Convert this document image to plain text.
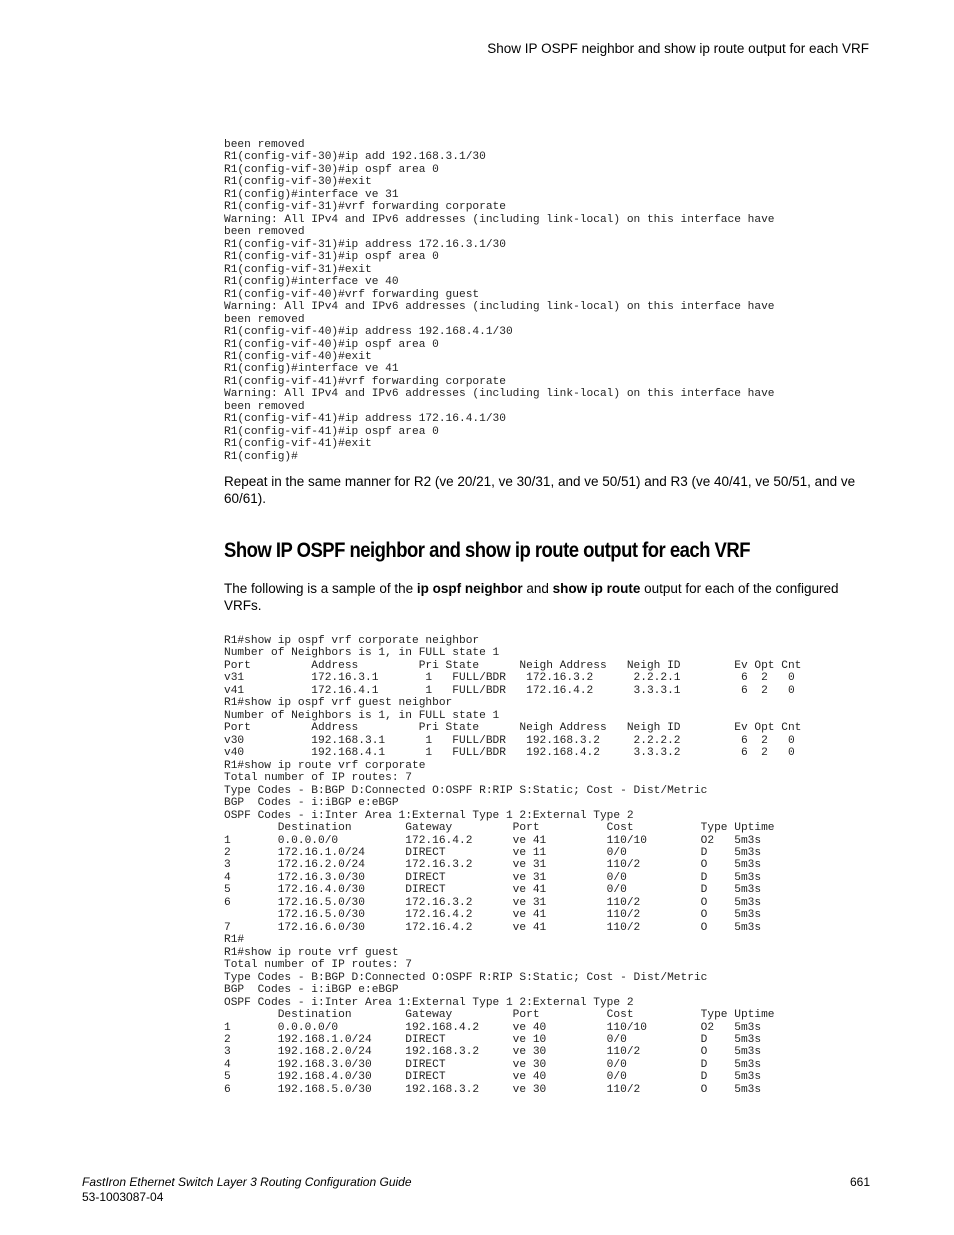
Show IP OSPF neighbor and show ip route output for each VRF
been removed
R1(config-vif-30)#ip add 192.168.3.1/30
R1(config-vif-30)#ip ospf area 0
R1(config-vif-30)#exit
R1(config)#interface ve 31
R1(config-vif-31)#vrf forwarding corporate
Warning: All IPv4 and IPv6 addresses (including link-local) on this interface have
been removed
R1(config-vif-31)#ip address 172.16.3.1/30
R1(config-vif-31)#ip ospf area 0
R1(config-vif-31)#exit
R1(config)#interface ve 40
R1(config-vif-40)#vrf forwarding guest
Warning: All IPv4 and IPv6 addresses (including link-local) on this interface have
been removed
R1(config-vif-40)#ip address 192.168.4.1/30
R1(config-vif-40)#ip ospf area 0
R1(config-vif-40)#exit
R1(config)#interface ve 41
R1(config-vif-41)#vrf forwarding corporate
Warning: All IPv4 and IPv6 addresses (including link-local) on this interface have
been removed
R1(config-vif-41)#ip address 172.16.4.1/30
R1(config-vif-41)#ip ospf area 0
R1(config-vif-41)#exit
R1(config)#

Repeat in the same manner for R2 (ve 20/21, ve 30/31, and ve 50/51) and R3 (ve 40/41, ve 50/51, and ve 60/61).

Show IP OSPF neighbor and show ip route output for each VRF

The following is a sample of the ip ospf neighbor and show ip route output for each of the configured VRFs.

R1#show ip ospf vrf corporate neighbor
Number of Neighbors is 1, in FULL state 1
Port         Address         Pri State      Neigh Address   Neigh ID        Ev Opt Cnt
v31          172.16.3.1       1   FULL/BDR   172.16.3.2      2.2.2.1         6  2   0
v41          172.16.4.1       1   FULL/BDR   172.16.4.2      3.3.3.1         6  2   0
R1#show ip ospf vrf guest neighbor
Number of Neighbors is 1, in FULL state 1
Port         Address         Pri State      Neigh Address   Neigh ID        Ev Opt Cnt
v30          192.168.3.1      1   FULL/BDR   192.168.3.2     2.2.2.2         6  2   0
v40          192.168.4.1      1   FULL/BDR   192.168.4.2     3.3.3.2         6  2   0
R1#show ip route vrf corporate
Total number of IP routes: 7
Type Codes - B:BGP D:Connected O:OSPF R:RIP S:Static; Cost - Dist/Metric
BGP  Codes - i:iBGP e:eBGP
OSPF Codes - i:Inter Area 1:External Type 1 2:External Type 2
Destination        Gateway         Port          Cost          Type Uptime
1       0.0.0.0/0          172.16.4.2      ve 41         110/10        O2   5m3s
2       172.16.1.0/24      DIRECT          ve 11         0/0           D    5m3s
3       172.16.2.0/24      172.16.3.2      ve 31         110/2         O    5m3s
4       172.16.3.0/30      DIRECT          ve 31         0/0           D    5m3s
5       172.16.4.0/30      DIRECT          ve 41         0/0           D    5m3s
6       172.16.5.0/30      172.16.3.2      ve 31         110/2         O    5m3s
172.16.5.0/30      172.16.4.2      ve 41         110/2         O    5m3s
7       172.16.6.0/30      172.16.4.2      ve 41         110/2         O    5m3s
R1#
R1#show ip route vrf guest
Total number of IP routes: 7
Type Codes - B:BGP D:Connected O:OSPF R:RIP S:Static; Cost - Dist/Metric
BGP  Codes - i:iBGP e:eBGP
OSPF Codes - i:Inter Area 1:External Type 1 2:External Type 2
Destination        Gateway         Port          Cost          Type Uptime
1       0.0.0.0/0          192.168.4.2     ve 40         110/10        O2   5m3s
2       192.168.1.0/24     DIRECT          ve 10         0/0           D    5m3s
3       192.168.2.0/24     192.168.3.2     ve 30         110/2         O    5m3s
4       192.168.3.0/30     DIRECT          ve 30         0/0           D    5m3s
5       192.168.4.0/30     DIRECT          ve 40         0/0           D    5m3s
6       192.168.5.0/30     192.168.3.2     ve 30         110/2         O    5m3s
FastIron Ethernet Switch Layer 3 Routing Configuration Guide
53-1003087-04
661
